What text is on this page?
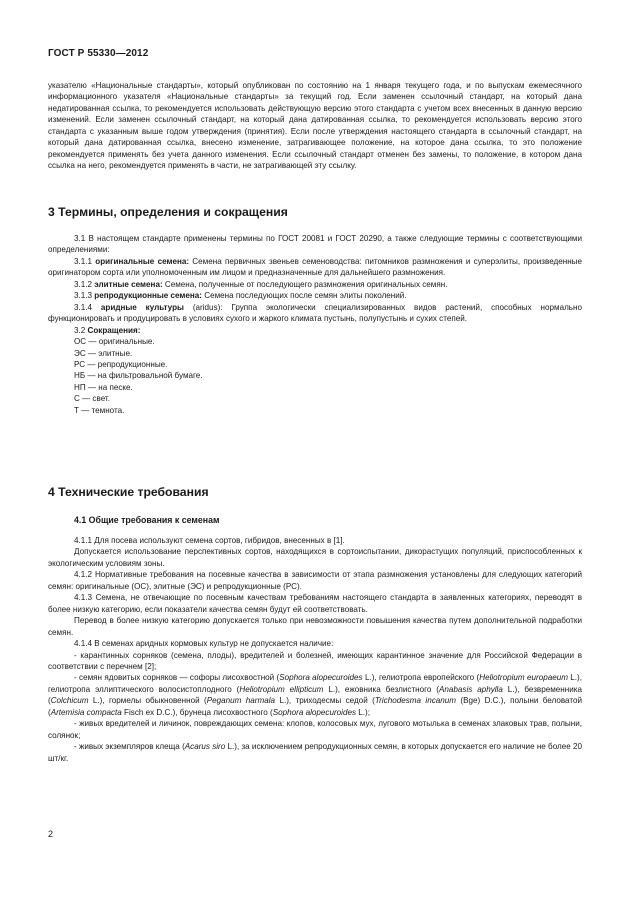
ГОСТ Р 55330—2012

указателю «Национальные стандарты», который опубликован по состоянию на 1 января текущего года, и по выпускам ежемесячного информационного указателя «Национальные стандарты» за текущий год. Если заменен ссылочный стандарт, на который дана недатированная ссылка, то рекомендуется использовать действующую версию этого стандарта с учетом всех внесенных в данную версию изменений. Если заменен ссылочный стандарт, на который дана датированная ссылка, то рекомендуется использовать версию этого стандарта с указанным выше годом утверждения (принятия). Если после утверждения настоящего стандарта в ссылочный стандарт, на который дана датированная ссылка, внесено изменение, затрагивающее положение, на которое дана ссылка, то это положение рекомендуется применять без учета данного изменения. Если ссылочный стандарт отменен без замены, то положение, в котором дана ссылка на него, рекомендуется применять в части, не затрагивающей эту ссылку.

3 Термины, определения и сокращения

3.1 В настоящем стандарте применены термины по ГОСТ 20081 и ГОСТ 20290, а также следующие термины с соответствующими определениями:

3.1.1 оригинальные семена: Семена первичных звеньев семеноводства: питомников размножения и суперэлиты, произведенные оригинатором сорта или уполномоченным им лицом и предназначенные для дальнейшего размножения.

3.1.2 элитные семена: Семена, полученные от последующего размножения оригинальных семян.

3.1.3 репродукционные семена: Семена последующих после семян элиты поколений.

3.1.4 аридные культуры (aridus): Группа экологически специализированных видов растений, способных нормально функционировать и продуцировать в условиях сухого и жаркого климата пустынь, полупустынь и сухих степей.

3.2 Сокращения:

ОС — оригинальные.

ЭС — элитные.

РС — репродукционные.

НБ — на фильтровальной бумаге.

НП — на песке.

С — свет.

Т — темнота.

4 Технические требования

4.1 Общие требования к семенам

4.1.1 Для посева используют семена сортов, гибридов, внесенных в [1].

Допускается использование перспективных сортов, находящихся в сортоиспытании, дикорастущих популяций, приспособленных к экологическим условиям зоны.

4.1.2 Нормативные требования на посевные качества в зависимости от этапа размножения установлены для следующих категорий семян: оригинальные (ОС), элитные (ЭС) и репродукционные (РС).

4.1.3 Семена, не отвечающие по посевным качествам требованиям настоящего стандарта в заявленных категориях, переводят в более низкую категорию, если показатели качества семян будут ей соответствовать.

Перевод в более низкую категорию допускается только при невозможности повышения качества путем дополнительной подработки семян.

4.1.4 В семенах аридных кормовых культур не допускается наличие:

- карантинных сорняков (семена, плоды), вредителей и болезней, имеющих карантинное значение для Российской Федерации в соответствии с перечнем [2];

- семян ядовитых сорняков — софоры лисохвостной (Sophora alopecuroides L.), гелиотропа европейского (Heliotropium europaeum L.), гелиотропа эллиптического волосистоплодного (Heliotropium ellipticum L.), ежовника безлистного (Anabasis aphylla L.), безвременника (Colchicum L.), гормелы обыкновенной (Peganum harmala L.), триходесмы седой (Trichodesma incanum (Bge) D.C.), полыни беловатой (Artemisia compacta Fisch ex D.C.), брунеца лисохвостного (Sophora alopecuroides L.);

- живых вредителей и личинок, повреждающих семена: клопов, колосовых мух, лугового мотылька в семенах злаковых трав, полыни, солянок;

- живых экземпляров клеща (Acarus siro L.), за исключением репродукционных семян, в которых допускается его наличие не более 20 шт/кг.

2
